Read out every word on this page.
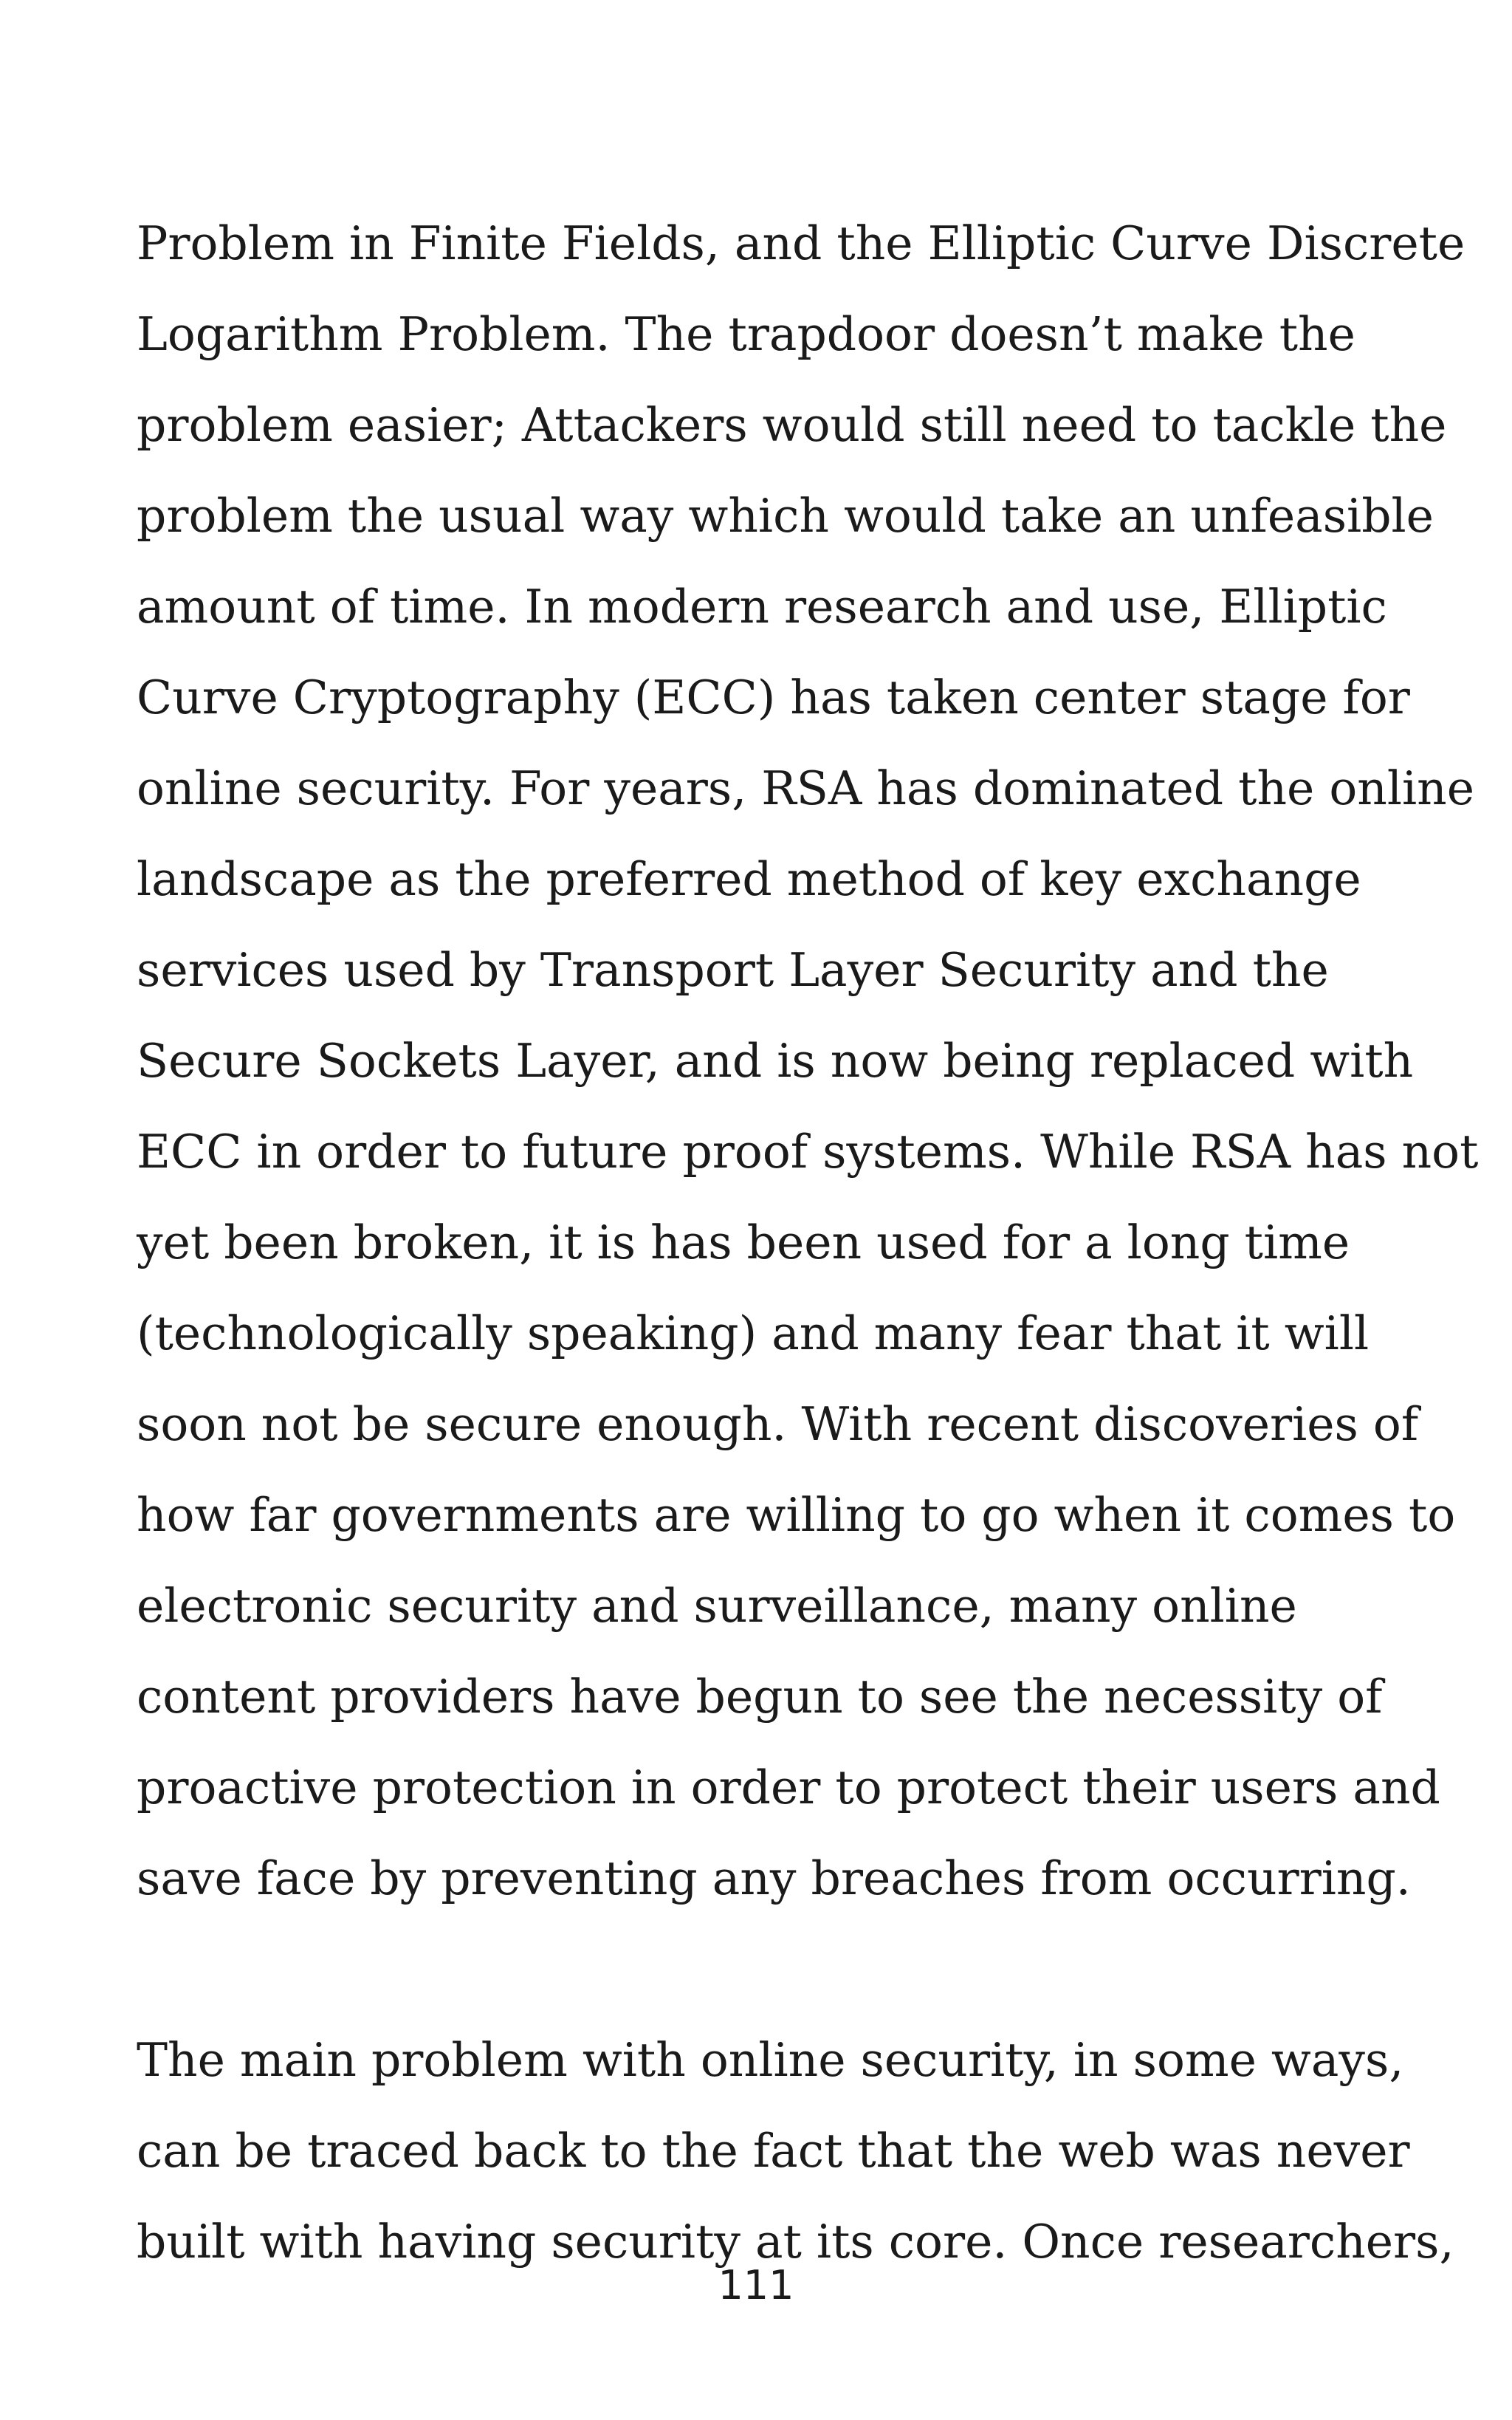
Problem in Finite Fields, and the Elliptic Curve Discrete
Logarithm Problem. The trapdoor doesn’t make the
problem easier; Attackers would still need to tackle the
problem the usual way which would take an unfeasible
amount of time. In modern research and use, Elliptic
Curve Cryptography (ECC) has taken center stage for
online security. For years, RSA has dominated the online
landscape as the preferred method of key exchange
services used by Transport Layer Security and the
Secure Sockets Layer, and is now being replaced with
ECC in order to future proof systems. While RSA has not
yet been broken, it is has been used for a long time
(technologically speaking) and many fear that it will
soon not be secure enough. With recent discoveries of
how far governments are willing to go when it comes to
electronic security and surveillance, many online
content providers have begun to see the necessity of
proactive protection in order to protect their users and
save face by preventing any breaches from occurring.
The main problem with online security, in some ways,
can be traced back to the fact that the web was never
built with having security at its core. Once researchers,
111
